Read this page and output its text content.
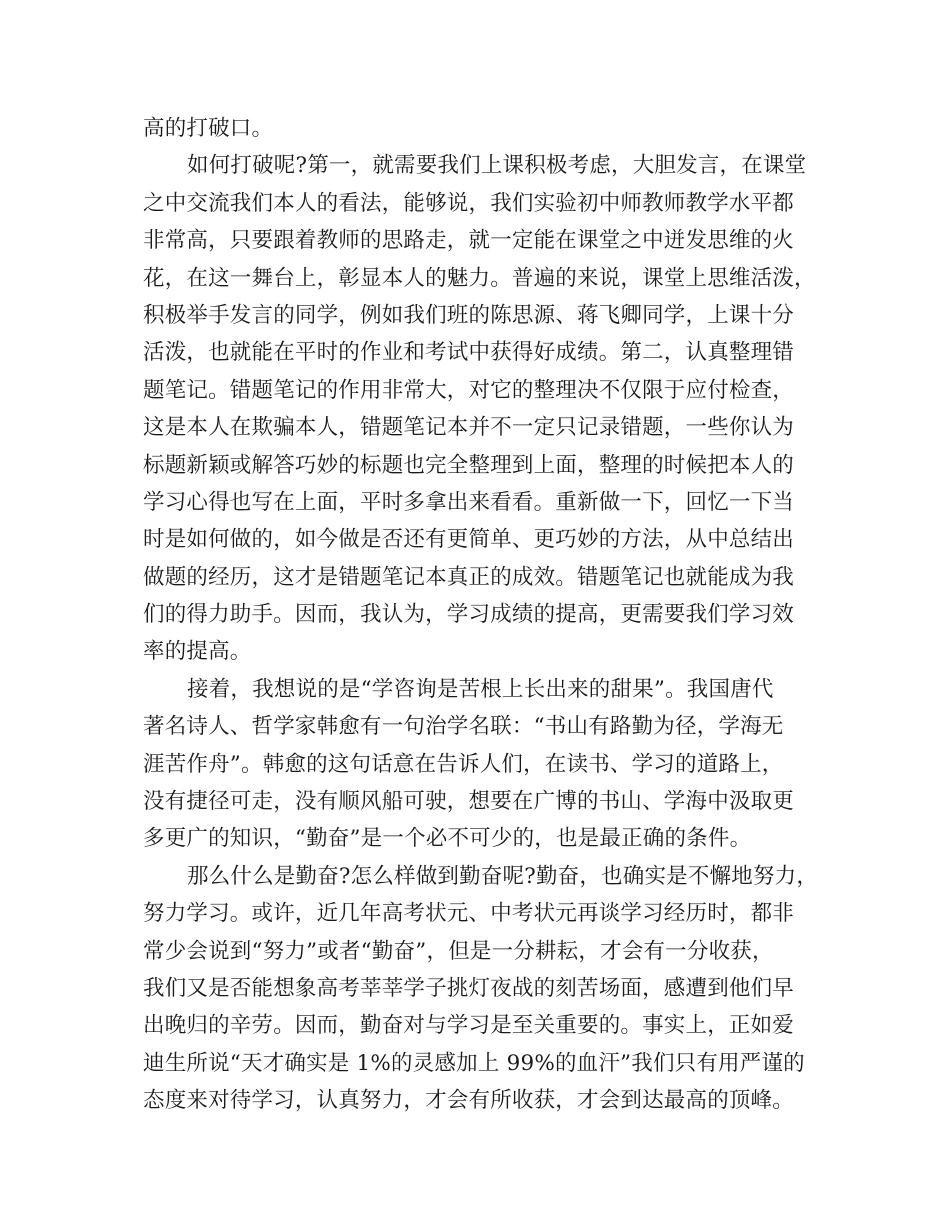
高的打破口。
如何打破呢?第一，就需要我们上课积极考虑，大胆发言，在课堂
之中交流我们本人的看法，能够说，我们实验初中师教师教学水平都
非常高，只要跟着教师的思路走，就一定能在课堂之中迸发思维的火
花，在这一舞台上，彰显本人的魅力。普遍的来说，课堂上思维活泼，
积极举手发言的同学，例如我们班的陈思源、蒋飞卿同学，上课十分
活泼，也就能在平时的作业和考试中获得好成绩。第二，认真整理错
题笔记。错题笔记的作用非常大，对它的整理决不仅限于应付检查，
这是本人在欺骗本人，错题笔记本并不一定只记录错题，一些你认为
标题新颖或解答巧妙的标题也完全整理到上面，整理的时候把本人的
学习心得也写在上面，平时多拿出来看看。重新做一下，回忆一下当
时是如何做的，如今做是否还有更简单、更巧妙的方法，从中总结出
做题的经历，这才是错题笔记本真正的成效。错题笔记也就能成为我
们的得力助手。因而，我认为，学习成绩的提高，更需要我们学习效
率的提高。
接着，我想说的是“学咨询是苦根上长出来的甜果”。我国唐代
著名诗人、哲学家韩愈有一句治学名联：“书山有路勤为径，学海无
涯苦作舟”。韩愈的这句话意在告诉人们，在读书、学习的道路上，
没有捷径可走，没有顺风船可驶，想要在广博的书山、学海中汲取更
多更广的知识，“勤奋”是一个必不可少的，也是最正确的条件。
那么什么是勤奋?怎么样做到勤奋呢?勤奋，也确实是不懈地努力，
努力学习。或许，近几年高考状元、中考状元再谈学习经历时，都非
常少会说到“努力”或者“勤奋”，但是一分耕耘，才会有一分收获，
我们又是否能想象高考莘莘学子挑灯夜战的刻苦场面，感遭到他们早
出晚归的辛劳。因而，勤奋对与学习是至关重要的。事实上，正如爱
迪生所说“天才确实是 1%的灵感加上 99%的血汗”我们只有用严谨的
态度来对待学习，认真努力，才会有所收获，才会到达最高的顶峰。
